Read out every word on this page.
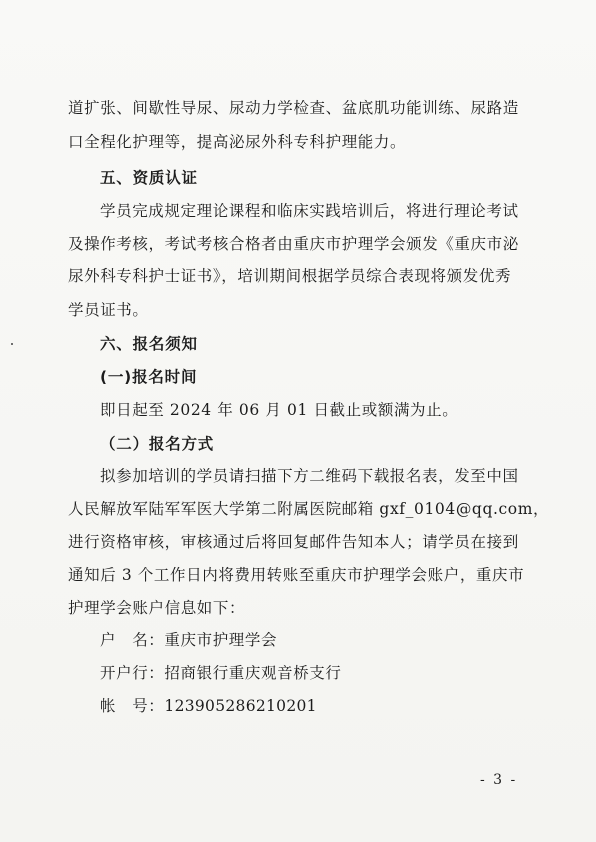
道扩张、间歇性导尿、尿动力学检查、盆底肌功能训练、尿路造
口全程化护理等，提高泌尿外科专科护理能力。
五、资质认证
学员完成规定理论课程和临床实践培训后，将进行理论考试
及操作考核，考试考核合格者由重庆市护理学会颁发《重庆市泌
尿外科专科护士证书》，培训期间根据学员综合表现将颁发优秀
学员证书。
六、报名须知
(一)报名时间
即日起至 2024 年 06 月 01 日截止或额满为止。
（二）报名方式
拟参加培训的学员请扫描下方二维码下载报名表，发至中国
人民解放军陆军军医大学第二附属医院邮箱 gxf_0104@qq.com，
进行资格审核，审核通过后将回复邮件告知本人；请学员在接到
通知后 3 个工作日内将费用转账至重庆市护理学会账户，重庆市
护理学会账户信息如下：
户　名：重庆市护理学会
开户行：招商银行重庆观音桥支行
帐　号：123905286210201
- 3 -
